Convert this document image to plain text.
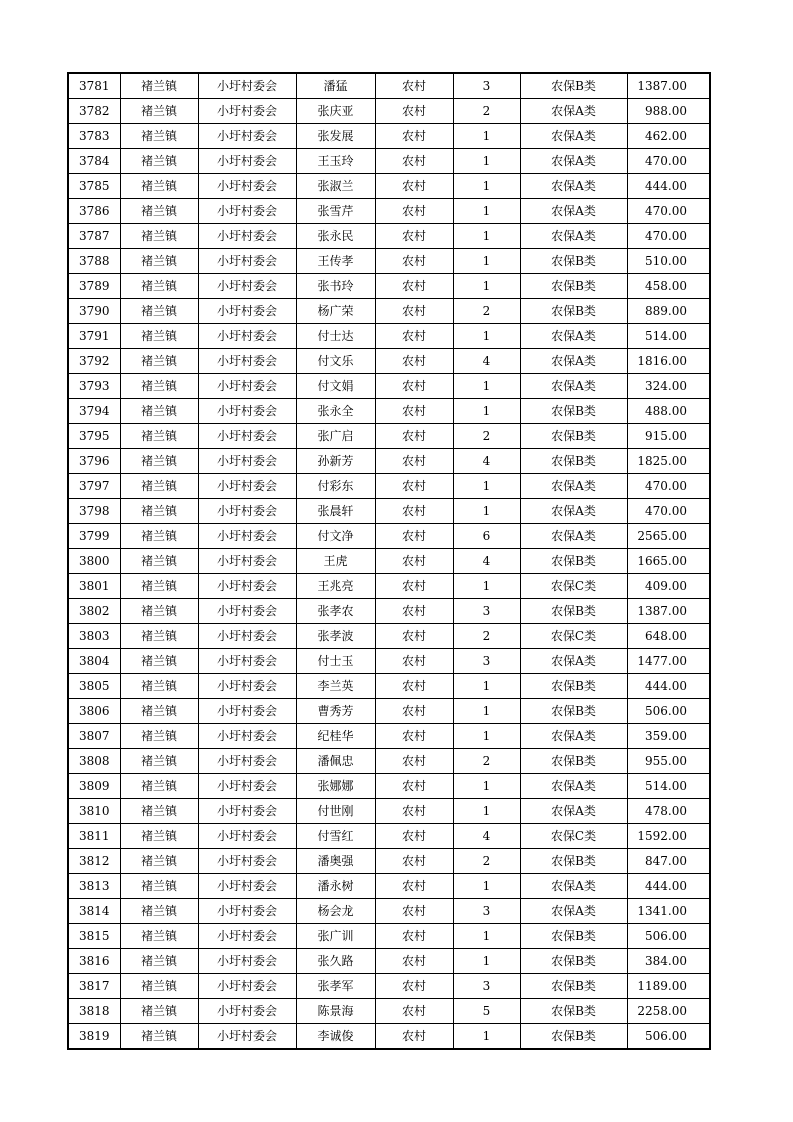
3781	褚兰镇	小圩村委会	潘猛	农村	3	农保B类	1387.00
3782	褚兰镇	小圩村委会	张庆亚	农村	2	农保A类	988.00
3783	褚兰镇	小圩村委会	张发展	农村	1	农保A类	462.00
3784	褚兰镇	小圩村委会	王玉玲	农村	1	农保A类	470.00
3785	褚兰镇	小圩村委会	张淑兰	农村	1	农保A类	444.00
3786	褚兰镇	小圩村委会	张雪芹	农村	1	农保A类	470.00
3787	褚兰镇	小圩村委会	张永民	农村	1	农保A类	470.00
3788	褚兰镇	小圩村委会	王传孝	农村	1	农保B类	510.00
3789	褚兰镇	小圩村委会	张书玲	农村	1	农保B类	458.00
3790	褚兰镇	小圩村委会	杨广荣	农村	2	农保B类	889.00
3791	褚兰镇	小圩村委会	付士达	农村	1	农保A类	514.00
3792	褚兰镇	小圩村委会	付文乐	农村	4	农保A类	1816.00
3793	褚兰镇	小圩村委会	付文娟	农村	1	农保A类	324.00
3794	褚兰镇	小圩村委会	张永全	农村	1	农保B类	488.00
3795	褚兰镇	小圩村委会	张广启	农村	2	农保B类	915.00
3796	褚兰镇	小圩村委会	孙新芳	农村	4	农保B类	1825.00
3797	褚兰镇	小圩村委会	付彩东	农村	1	农保A类	470.00
3798	褚兰镇	小圩村委会	张晨轩	农村	1	农保A类	470.00
3799	褚兰镇	小圩村委会	付文净	农村	6	农保A类	2565.00
3800	褚兰镇	小圩村委会	王虎	农村	4	农保B类	1665.00
3801	褚兰镇	小圩村委会	王兆亮	农村	1	农保C类	409.00
3802	褚兰镇	小圩村委会	张孝农	农村	3	农保B类	1387.00
3803	褚兰镇	小圩村委会	张孝波	农村	2	农保C类	648.00
3804	褚兰镇	小圩村委会	付士玉	农村	3	农保A类	1477.00
3805	褚兰镇	小圩村委会	李兰英	农村	1	农保B类	444.00
3806	褚兰镇	小圩村委会	曹秀芳	农村	1	农保B类	506.00
3807	褚兰镇	小圩村委会	纪桂华	农村	1	农保A类	359.00
3808	褚兰镇	小圩村委会	潘佩忠	农村	2	农保B类	955.00
3809	褚兰镇	小圩村委会	张娜娜	农村	1	农保A类	514.00
3810	褚兰镇	小圩村委会	付世刚	农村	1	农保A类	478.00
3811	褚兰镇	小圩村委会	付雪红	农村	4	农保C类	1592.00
3812	褚兰镇	小圩村委会	潘奥强	农村	2	农保B类	847.00
3813	褚兰镇	小圩村委会	潘永树	农村	1	农保A类	444.00
3814	褚兰镇	小圩村委会	杨会龙	农村	3	农保A类	1341.00
3815	褚兰镇	小圩村委会	张广训	农村	1	农保B类	506.00
3816	褚兰镇	小圩村委会	张久路	农村	1	农保B类	384.00
3817	褚兰镇	小圩村委会	张孝军	农村	3	农保B类	1189.00
3818	褚兰镇	小圩村委会	陈景海	农村	5	农保B类	2258.00
3819	褚兰镇	小圩村委会	李诚俊	农村	1	农保B类	506.00
